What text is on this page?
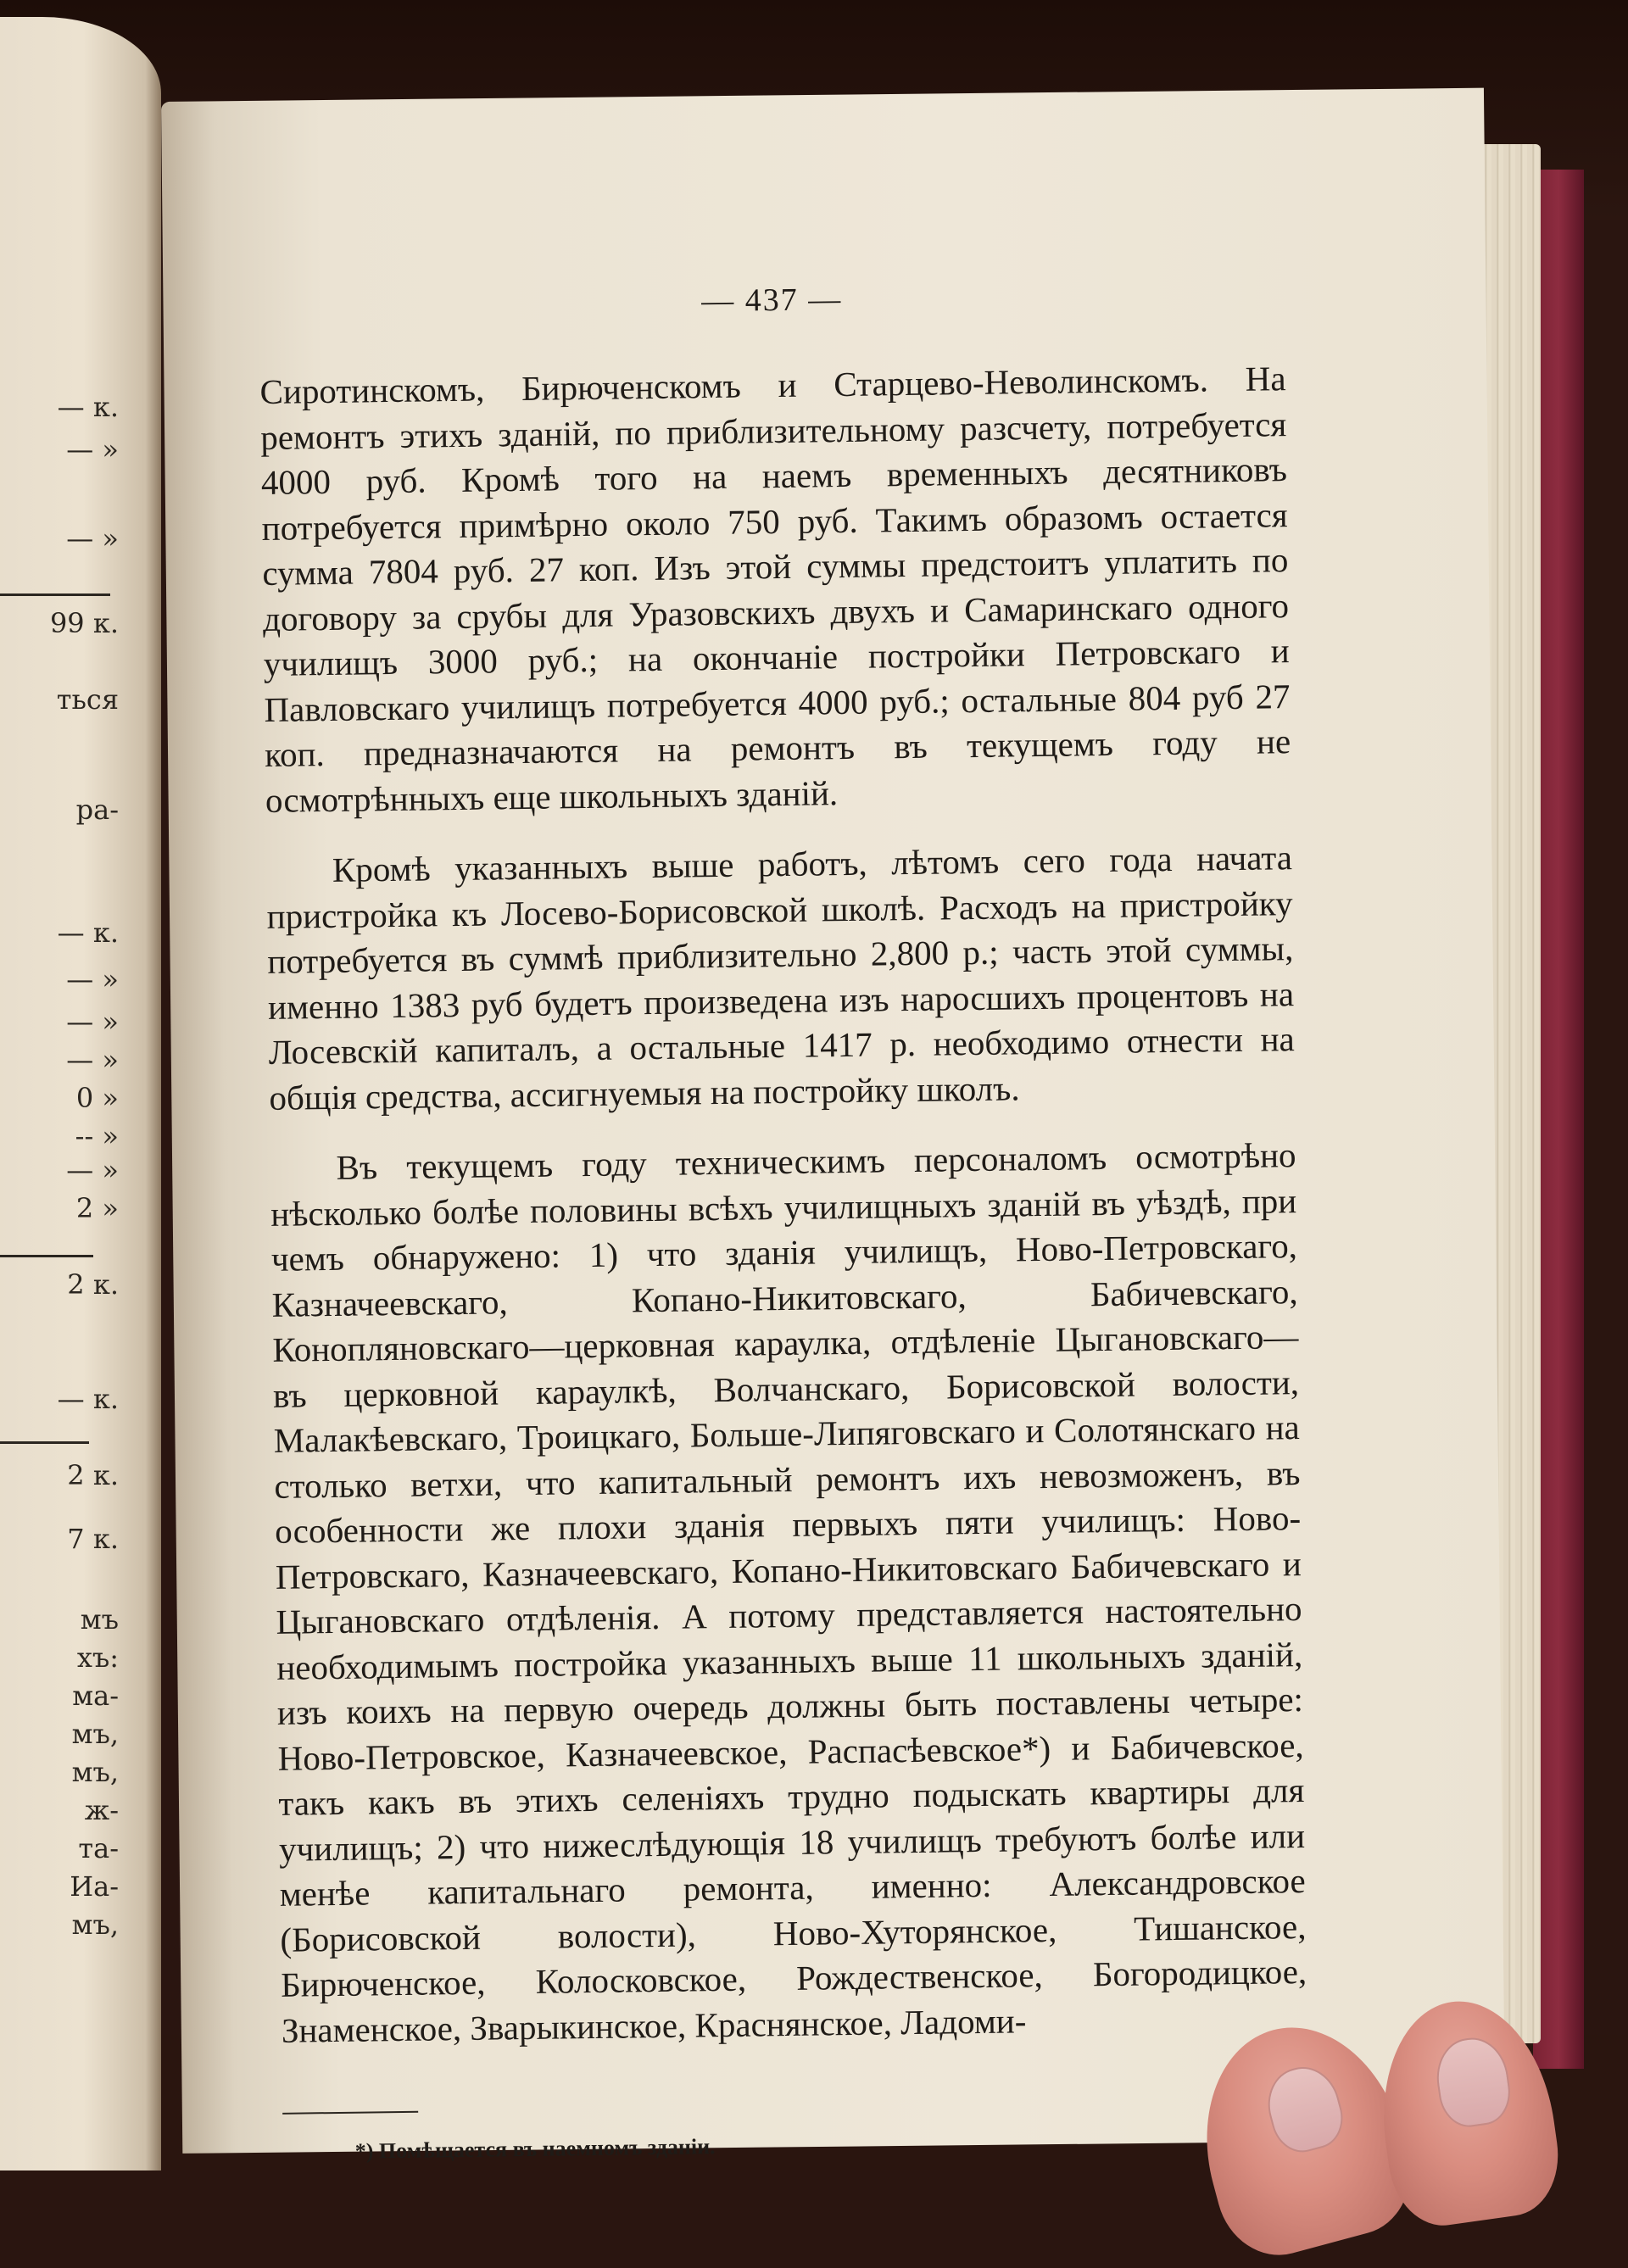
— к.
— »
— »
99 к.
ться
ра-
— к.
— »
— »
— »
0 »
-- »
— »
2 »
2 к.
— к.
2 к.
7 к.
мъ
хъ:
ма-
мъ,
мъ,
ж-
та-
Иа-
мъ,
— 437 —

Сиротинскомъ, Бирюченскомъ и Старцево-Неволинскомъ. На ремонтъ этихъ зданій, по приблизительному разсчету, потребуется 4000 руб. Кромѣ того на наемъ временныхъ десятниковъ потребуется примѣрно около 750 руб. Такимъ образомъ остается сумма 7804 руб. 27 коп. Изъ этой суммы предстоитъ уплатить по договору за срубы для Уразовскихъ двухъ и Самаринскаго одного училищъ 3000 руб.; на окончаніе постройки Петровскаго и Павловскаго училищъ потребуется 4000 руб.; остальные 804 руб 27 коп. предназначаются на ремонтъ въ текущемъ году не осмотрѣнныхъ еще школьныхъ зданій.

Кромѣ указанныхъ выше работъ, лѣтомъ сего года начата пристройка къ Лосево-Борисовской школѣ. Расходъ на пристройку потребуется въ суммѣ приблизительно 2,800 р.; часть этой суммы, именно 1383 руб будетъ произведена изъ наросшихъ процентовъ на Лосевскій капиталъ, а остальные 1417 р. необходимо отнести на общія средства, ассигнуемыя на постройку школъ.

Въ текущемъ году техническимъ персоналомъ осмотрѣно нѣсколько болѣе половины всѣхъ училищныхъ зданій въ уѣздѣ, при чемъ обнаружено: 1) что зданія училищъ, Ново-Петровскаго, Казначеевскаго, Копано-Никитовскаго, Бабичевскаго, Конопляновскаго—церковная караулка, отдѣленіе Цыгановскаго—въ церковной караулкѣ, Волчанскаго, Борисовской волости, Малакѣевскаго, Троицкаго, Больше-Липяговскаго и Солотянскаго на столько ветхи, что капитальный ремонтъ ихъ невозможенъ, въ особенности же плохи зданія первыхъ пяти училищъ: Ново-Петровскаго, Казначеевскаго, Копано-Никитовскаго Бабичевскаго и Цыгановскаго отдѣленія. А потому представляется настоятельно необходимымъ постройка указанныхъ выше 11 школьныхъ зданій, изъ коихъ на первую очередь должны быть поставлены четыре: Ново-Петровское, Казначеевское, Распасѣевское*) и Бабичевское, такъ какъ въ этихъ селеніяхъ трудно подыскать квартиры для училищъ; 2) что нижеслѣдующія 18 училищъ требуютъ болѣе или менѣе капитальнаго ремонта, именно: Александровское (Борисовской волости), Ново-Хуторянское, Тишанское, Бирюченское, Колосковское, Рождественское, Богородицкое, Знаменское, Зварыкинское, Краснянское, Ладоми-

*) Помѣщается въ наемномъ зданіи.
